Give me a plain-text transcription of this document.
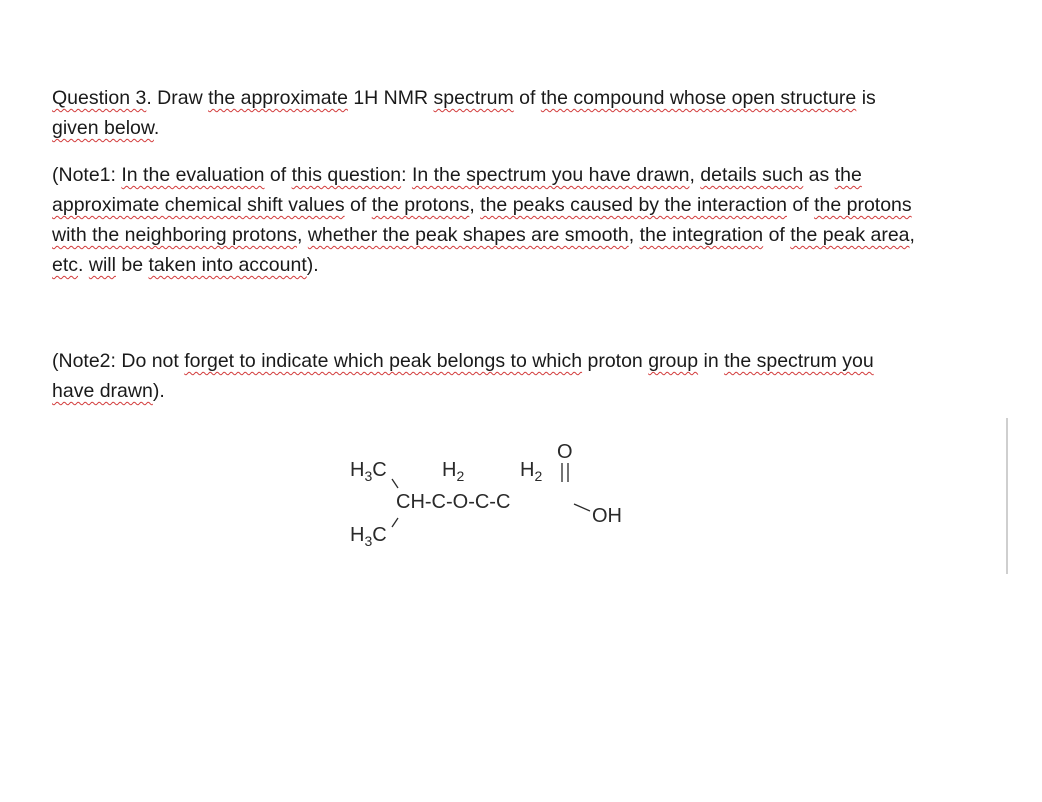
Question 3. Draw the approximate 1H NMR spectrum of the compound whose open structure is
given below.

(Note1: In the evaluation of this question: In the spectrum you have drawn, details such as the
approximate chemical shift values of the protons, the peaks caused by the interaction of the protons
with the neighboring protons, whether the peak shapes are smooth, the integration of the peak area,
etc. will be taken into account).

(Note2: Do not forget to indicate which peak belongs to which proton group in the spectrum you
have drawn).

$H_3C$
$H_3C$
$H_2$	$H_2$
O
CH-C-O-C-C
OH
